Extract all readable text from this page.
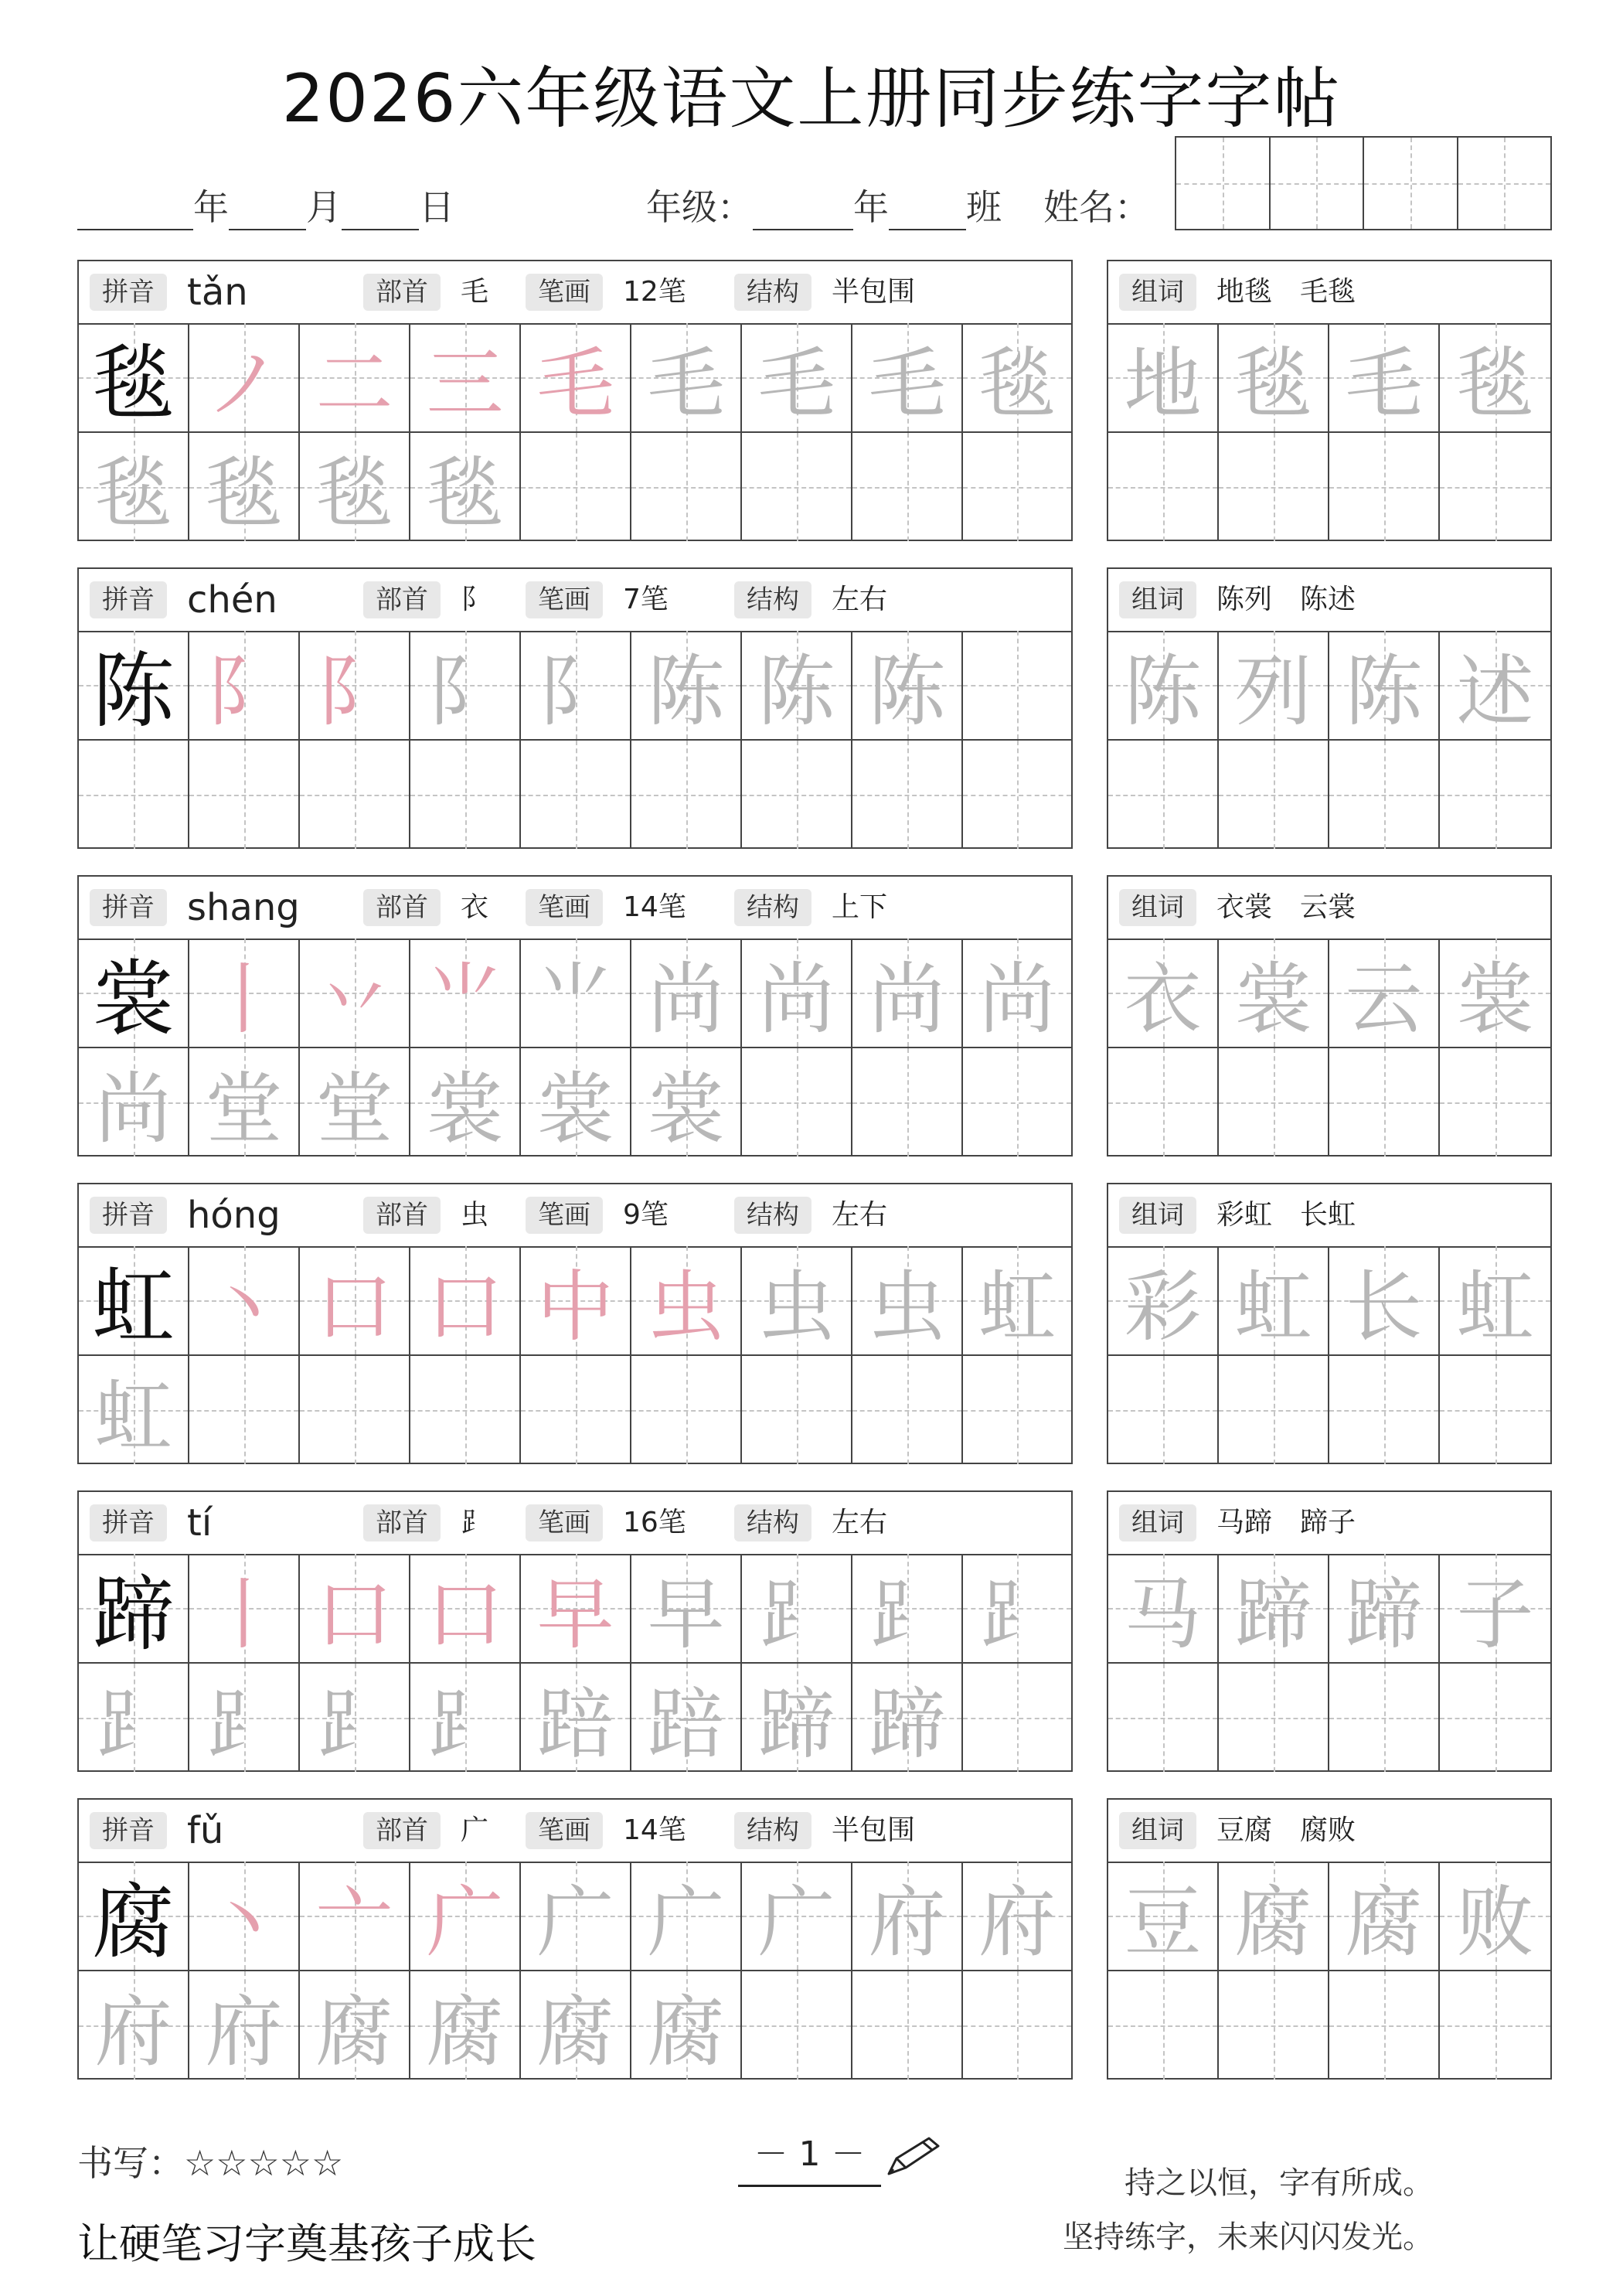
2026六年级语文上册同步练字字帖
年 月 日	年级：	年 班 姓名：
拼音 tǎn	部首	毛	笔画	12笔	结构	半包围
毯 ノ 二 三 毛 毛 毛 毛 毯
毯 毯 毯 毯
组词	地毯　毛毯
地 毯 毛 毯
拼音 chén	部首	阝	笔画	7笔	结构	左右
陈 阝 阝 阝 阝 陈 陈 陈
组词	陈列　陈述
陈 列 陈 述
拼音 shang	部首	衣	笔画	14笔	结构	上下
裳 丨 丷 ⺌ ⺌ 尚 尚 尚 尚
尚 堂 堂 裳 裳 裳
组词	衣裳　云裳
衣 裳 云 裳
拼音 hóng	部首	虫	笔画	9笔	结构	左右
虹 丶 口 口 中 虫 虫 虫 虹
虹
组词	彩虹　长虹
彩 虹 长 虹
拼音 tí	部首	⻊	笔画	16笔	结构	左右
蹄 丨 口 口 早 早 ⻊ ⻊ ⻊
⻊ ⻊ ⻊ ⻊ 踣 踣 蹄 蹄
组词	马蹄　蹄子
马 蹄 蹄 子
拼音 fǔ	部首	广	笔画	14笔	结构	半包围
腐 丶 亠 广 广 广 广 府 府
府 府 腐 腐 腐 腐
组词	豆腐　腐败
豆 腐 腐 败
书写：☆☆☆☆☆
让硬笔习字奠基孩子成长
－ 1 －
持之以恒，字有所成。
坚持练字，未来闪闪发光。
